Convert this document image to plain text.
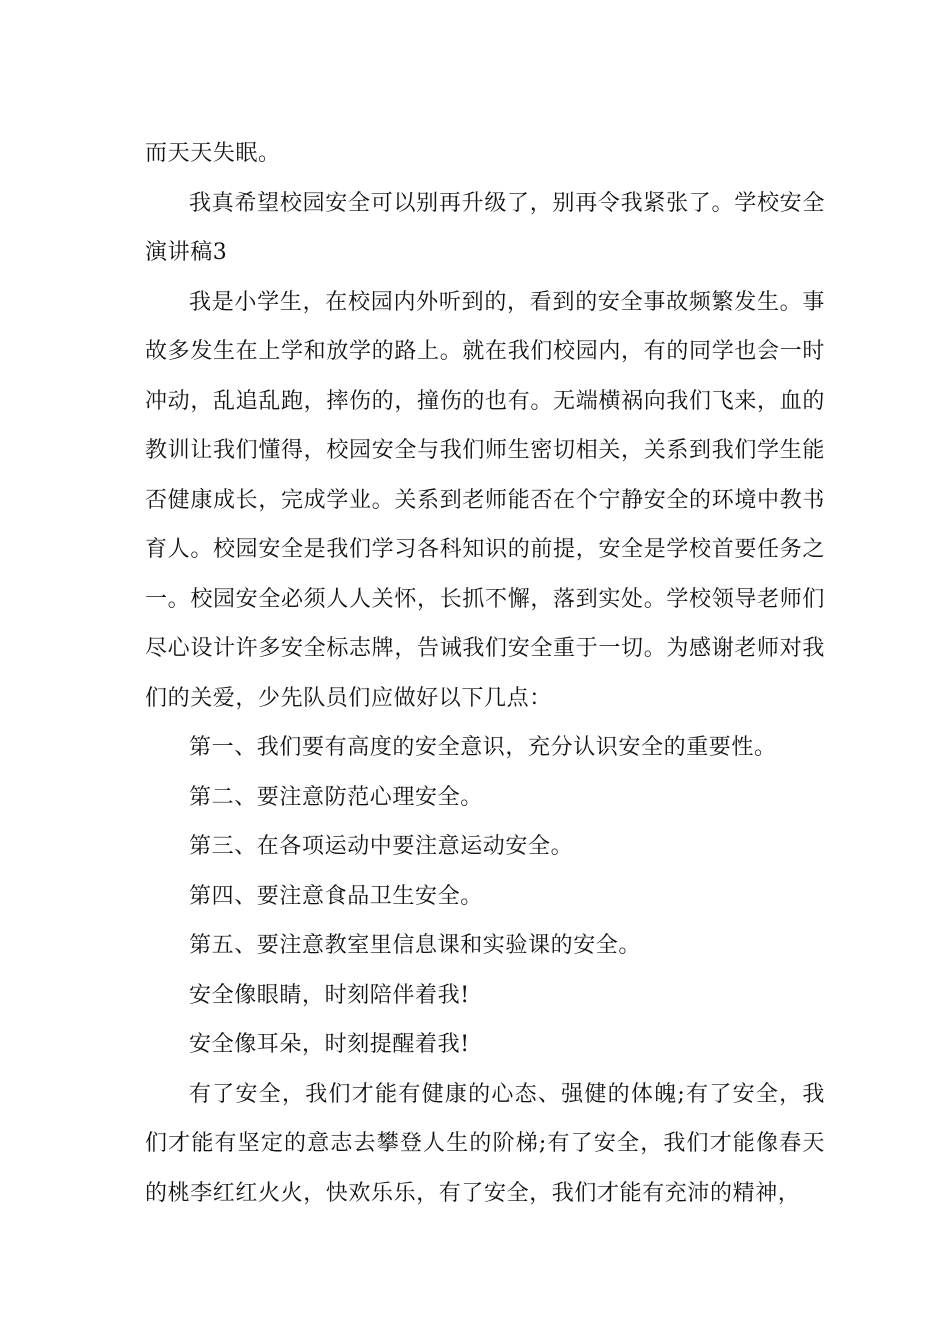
而天天失眠。

我真希望校园安全可以别再升级了，别再令我紧张了。学校安全演讲稿3

我是小学生，在校园内外听到的，看到的安全事故频繁发生。事故多发生在上学和放学的路上。就在我们校园内，有的同学也会一时冲动，乱追乱跑，摔伤的，撞伤的也有。无端横祸向我们飞来，血的教训让我们懂得，校园安全与我们师生密切相关，关系到我们学生能否健康成长，完成学业。关系到老师能否在个宁静安全的环境中教书育人。校园安全是我们学习各科知识的前提，安全是学校首要任务之一。校园安全必须人人关怀，长抓不懈，落到实处。学校领导老师们尽心设计许多安全标志牌，告诫我们安全重于一切。为感谢老师对我们的关爱，少先队员们应做好以下几点：

第一、我们要有高度的安全意识，充分认识安全的重要性。

第二、要注意防范心理安全。

第三、在各项运动中要注意运动安全。

第四、要注意食品卫生安全。

第五、要注意教室里信息课和实验课的安全。

安全像眼睛，时刻陪伴着我!

安全像耳朵，时刻提醒着我!

有了安全，我们才能有健康的心态、强健的体魄;有了安全，我们才能有坚定的意志去攀登人生的阶梯;有了安全，我们才能像春天的桃李红红火火，快欢乐乐，有了安全，我们才能有充沛的精神，
